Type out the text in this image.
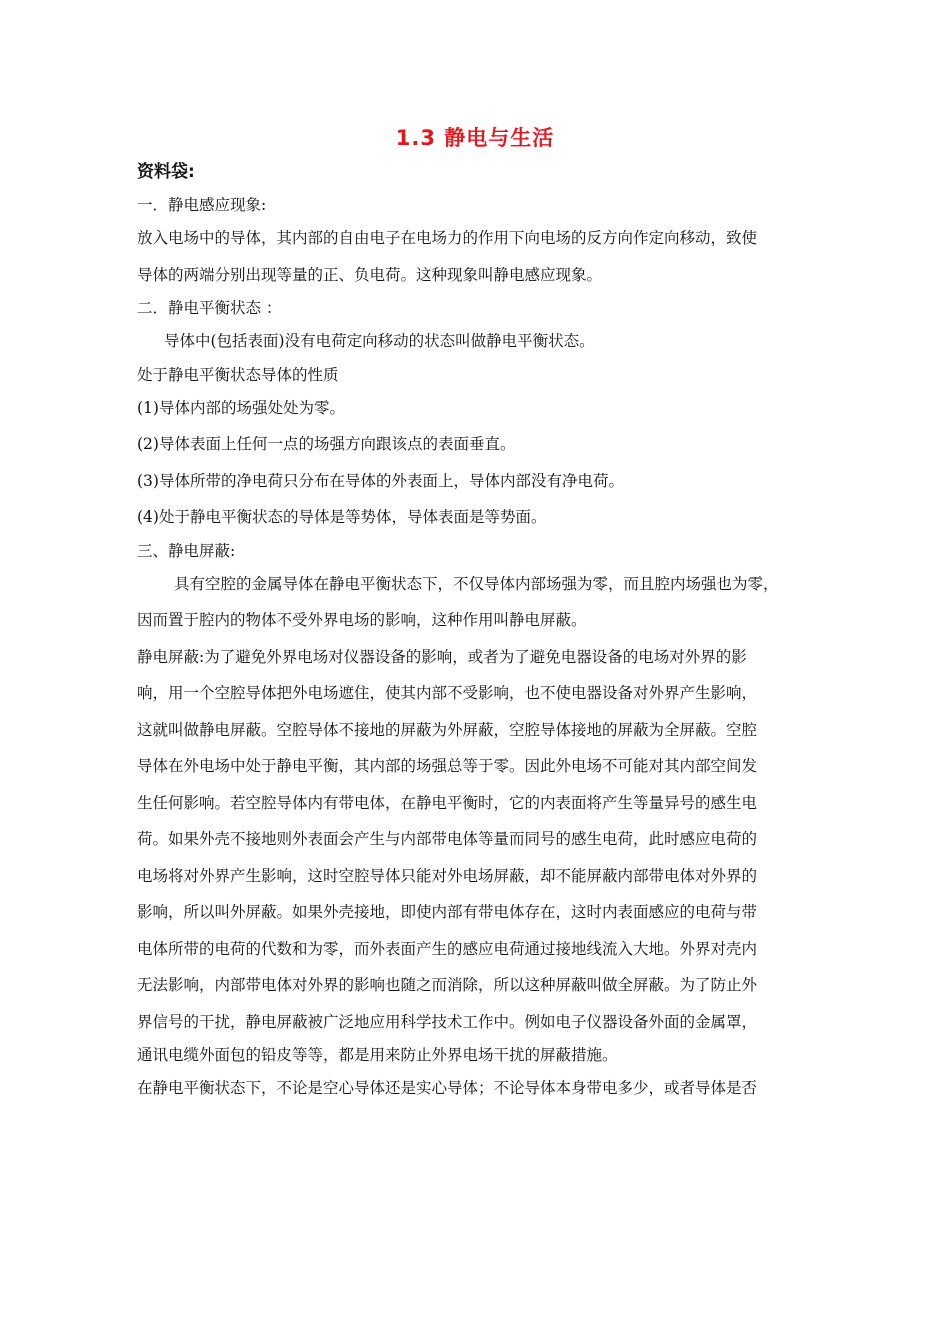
1.3 静电与生活
资料袋:
一．静电感应现象:
放入电场中的导体，其内部的自由电子在电场力的作用下向电场的反方向作定向移动，致使
导体的两端分别出现等量的正、负电荷。这种现象叫静电感应现象。
二．静电平衡状态 ：
导体中(包括表面)没有电荷定向移动的状态叫做静电平衡状态。
处于静电平衡状态导体的性质
(1)导体内部的场强处处为零。
(2)导体表面上任何一点的场强方向跟该点的表面垂直。
(3)导体所带的净电荷只分布在导体的外表面上，导体内部没有净电荷。
(4)处于静电平衡状态的导体是等势体，导体表面是等势面。
三、静电屏蔽:
具有空腔的金属导体在静电平衡状态下，不仅导体内部场强为零，而且腔内场强也为零，
因而置于腔内的物体不受外界电场的影响，这种作用叫静电屏蔽。
静电屏蔽:为了避免外界电场对仪器设备的影响，或者为了避免电器设备的电场对外界的影
响，用一个空腔导体把外电场遮住，使其内部不受影响，也不使电器设备对外界产生影响，
这就叫做静电屏蔽。空腔导体不接地的屏蔽为外屏蔽，空腔导体接地的屏蔽为全屏蔽。空腔
导体在外电场中处于静电平衡，其内部的场强总等于零。因此外电场不可能对其内部空间发
生任何影响。若空腔导体内有带电体，在静电平衡时，它的内表面将产生等量异号的感生电
荷。如果外壳不接地则外表面会产生与内部带电体等量而同号的感生电荷，此时感应电荷的
电场将对外界产生影响，这时空腔导体只能对外电场屏蔽，却不能屏蔽内部带电体对外界的
影响，所以叫外屏蔽。如果外壳接地，即使内部有带电体存在，这时内表面感应的电荷与带
电体所带的电荷的代数和为零，而外表面产生的感应电荷通过接地线流入大地。外界对壳内
无法影响，内部带电体对外界的影响也随之而消除，所以这种屏蔽叫做全屏蔽。为了防止外
界信号的干扰，静电屏蔽被广泛地应用科学技术工作中。例如电子仪器设备外面的金属罩，
通讯电缆外面包的铅皮等等，都是用来防止外界电场干扰的屏蔽措施。
在静电平衡状态下，不论是空心导体还是实心导体；不论导体本身带电多少，或者导体是否
